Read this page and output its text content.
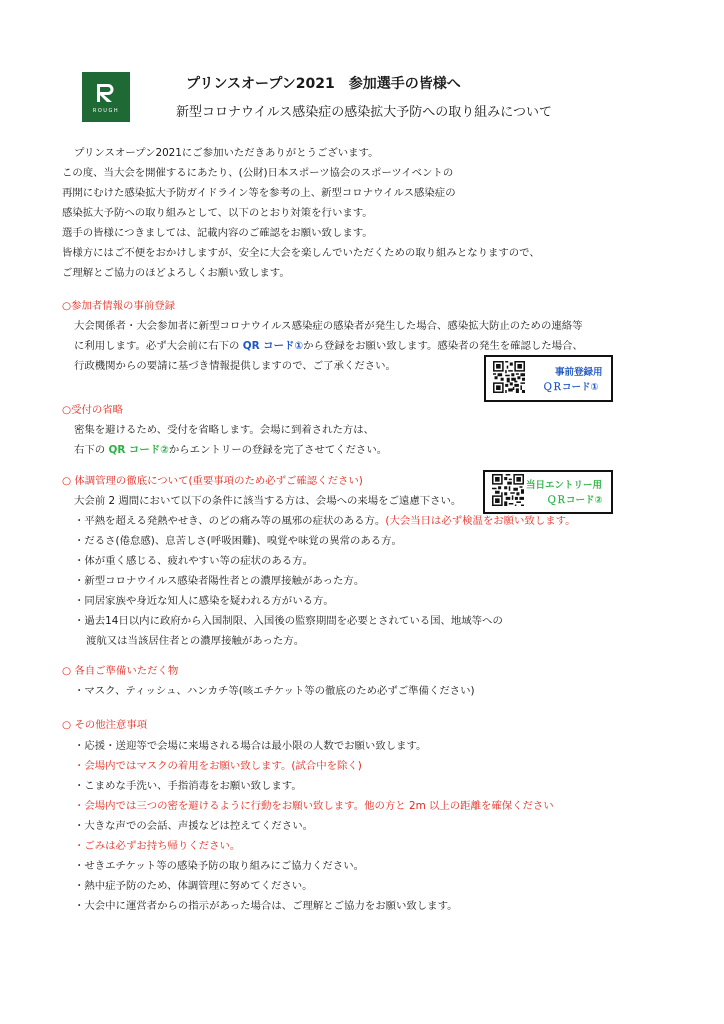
ROUGH
プリンスオープン2021　参加選手の皆様へ
新型コロナウイルス感染症の感染拡大予防への取り組みについて
プリンスオープン2021にご参加いただきありがとうございます。
この度、当大会を開催するにあたり、(公財)日本スポーツ協会のスポーツイベントの
再開にむけた感染拡大予防ガイドライン等を参考の上、新型コロナウイルス感染症の
感染拡大予防への取り組みとして、以下のとおり対策を行います。
選手の皆様につきましては、記載内容のご確認をお願い致します。
皆様方にはご不便をおかけしますが、安全に大会を楽しんでいただくための取り組みとなりますので、
ご理解とご協力のほどよろしくお願い致します。
○参加者情報の事前登録
大会関係者・大会参加者に新型コロナウイルス感染症の感染者が発生した場合、感染拡大防止のための連絡等
に利用します。必ず大会前に右下の QR コード①から登録をお願い致します。感染者の発生を確認した場合、
行政機関からの要請に基づき情報提供しますので、ご了承ください。
事前登録用
ＱＲコード①
○受付の省略
密集を避けるため、受付を省略します。会場に到着された方は、
右下の QR コード②からエントリーの登録を完了させてください。
○ 体調管理の徹底について(重要事項のため必ずご確認ください)
大会前 2 週間において以下の条件に該当する方は、会場への来場をご遠慮下さい。
当日エントリー用
ＱＲコード②
・平熱を超える発熱やせき、のどの痛み等の風邪の症状のある方。(大会当日は必ず検温をお願い致します。
・だるさ(倦怠感)、息苦しさ(呼吸困難)、嗅覚や味覚の異常のある方。
・体が重く感じる、疲れやすい等の症状のある方。
・新型コロナウイルス感染者陽性者との濃厚接触があった方。
・同居家族や身近な知人に感染を疑われる方がいる方。
・過去14日以内に政府から入国制限、入国後の監察期間を必要とされている国、地域等への
渡航又は当該居住者との濃厚接触があった方。
○ 各自ご準備いただく物
・マスク、ティッシュ、ハンカチ等(咳エチケット等の徹底のため必ずご準備ください)
○ その他注意事項
・応援・送迎等で会場に来場される場合は最小限の人数でお願い致します。
・会場内ではマスクの着用をお願い致します。(試合中を除く)
・こまめな手洗い、手指消毒をお願い致します。
・会場内では三つの密を避けるように行動をお願い致します。他の方と 2m 以上の距離を確保ください
・大きな声での会話、声援などは控えてください。
・ごみは必ずお持ち帰りください。
・せきエチケット等の感染予防の取り組みにご協力ください。
・熱中症予防のため、体調管理に努めてください。
・大会中に運営者からの指示があった場合は、ご理解とご協力をお願い致します。
